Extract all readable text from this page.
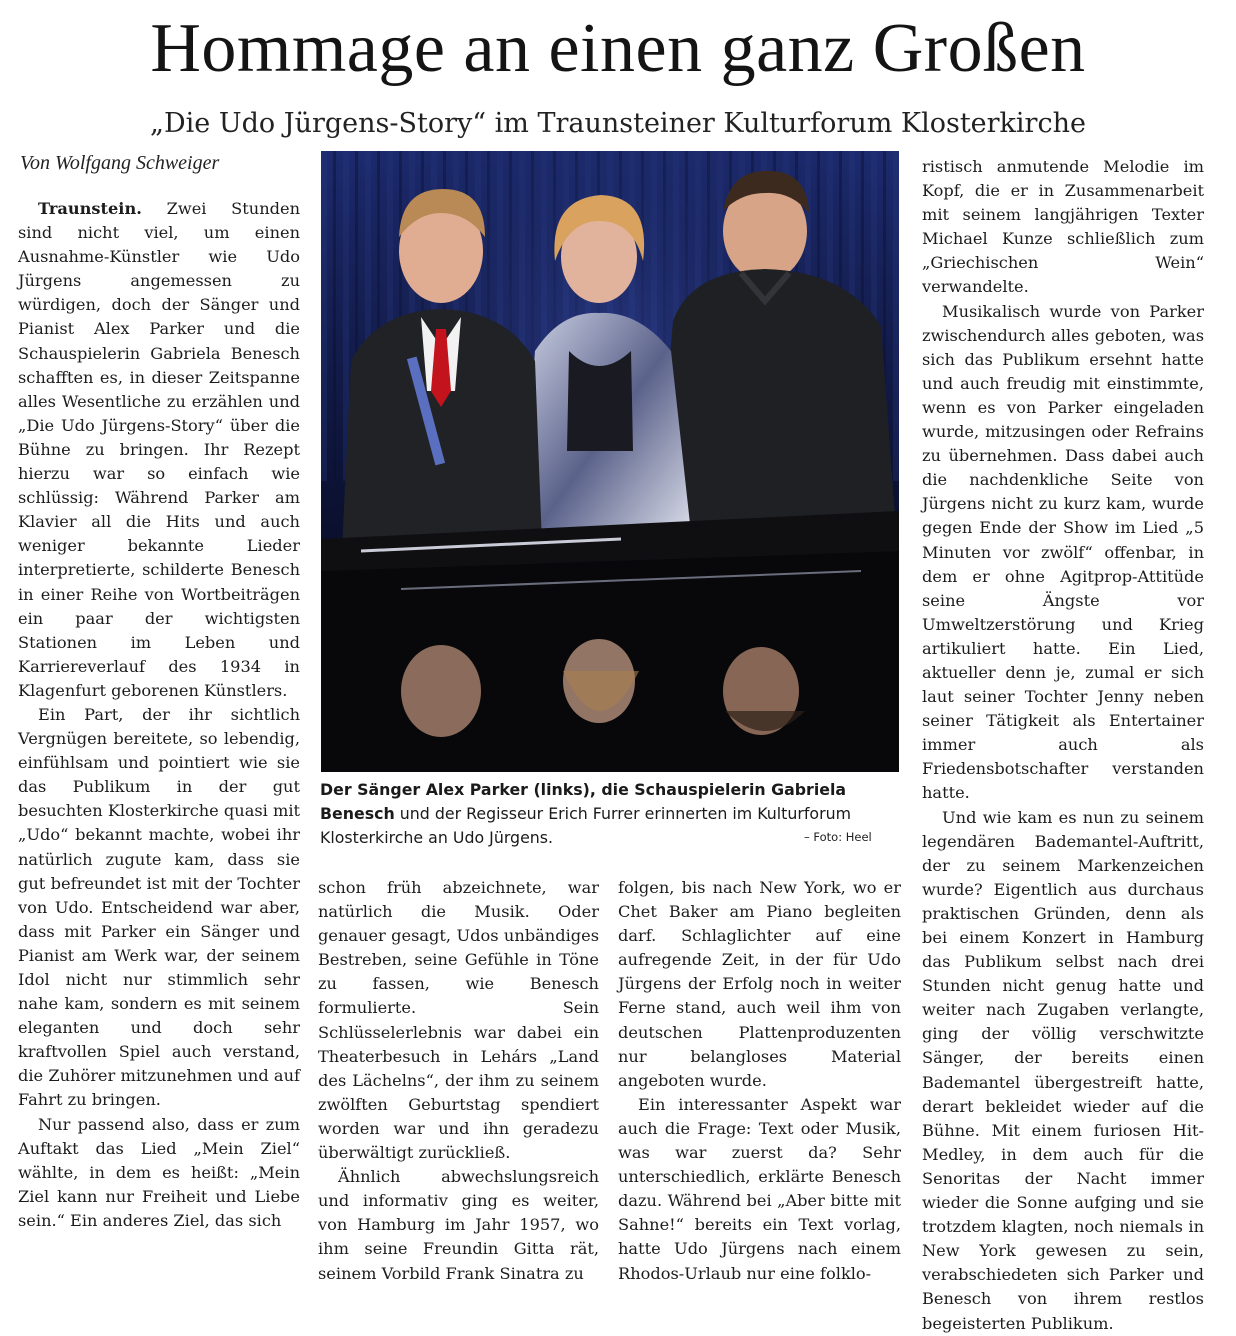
Hommage an einen ganz Großen
„Die Udo Jürgens-Story“ im Traunsteiner Kulturforum Klosterkirche
Von Wolfgang Schweiger

Traunstein. Zwei Stunden sind nicht viel, um einen Ausnahme-Künstler wie Udo Jürgens angemessen zu würdigen, doch der Sänger und Pianist Alex Parker und die Schauspielerin Gabriela Benesch schafften es, in dieser Zeitspanne alles Wesentliche zu erzählen und „Die Udo Jürgens-Story“ über die Bühne zu bringen. Ihr Rezept hierzu war so einfach wie schlüssig: Während Parker am Klavier all die Hits und auch weniger bekannte Lieder interpretierte, schilderte Benesch in einer Reihe von Wortbeiträgen ein paar der wichtigsten Stationen im Leben und Karriereverlauf des 1934 in Klagenfurt geborenen Künstlers.

Ein Part, der ihr sichtlich Vergnügen bereitete, so lebendig, einfühlsam und pointiert wie sie das Publikum in der gut besuchten Klosterkirche quasi mit „Udo“ bekannt machte, wobei ihr natürlich zugute kam, dass sie gut befreundet ist mit der Tochter von Udo. Entscheidend war aber, dass mit Parker ein Sänger und Pianist am Werk war, der seinem Idol nicht nur stimmlich sehr nahe kam, sondern es mit seinem eleganten und doch sehr kraftvollen Spiel auch verstand, die Zuhörer mitzunehmen und auf Fahrt zu bringen.

Nur passend also, dass er zum Auftakt das Lied „Mein Ziel“ wählte, in dem es heißt: „Mein Ziel kann nur Freiheit und Liebe sein.“ Ein anderes Ziel, das sich

Der Sänger Alex Parker (links), die Schauspielerin Gabriela Benesch und der Regisseur Erich Furrer erinnerten im Kulturforum Klosterkirche an Udo Jürgens.	– Foto: Heel

schon früh abzeichnete, war natürlich die Musik. Oder genauer gesagt, Udos unbändiges Bestreben, seine Gefühle in Töne zu fassen, wie Benesch formulierte. Sein Schlüsselerlebnis war dabei ein Theaterbesuch in Lehárs „Land des Lächelns“, der ihm zu seinem zwölften Geburtstag spendiert worden war und ihn geradezu überwältigt zurückließ.

Ähnlich abwechslungsreich und informativ ging es weiter, von Hamburg im Jahr 1957, wo ihm seine Freundin Gitta rät, seinem Vorbild Frank Sinatra zu

folgen, bis nach New York, wo er Chet Baker am Piano begleiten darf. Schlaglichter auf eine aufregende Zeit, in der für Udo Jürgens der Erfolg noch in weiter Ferne stand, auch weil ihm von deutschen Plattenproduzenten nur belangloses Material angeboten wurde.

Ein interessanter Aspekt war auch die Frage: Text oder Musik, was war zuerst da? Sehr unterschiedlich, erklärte Benesch dazu. Während bei „Aber bitte mit Sahne!“ bereits ein Text vorlag, hatte Udo Jürgens nach einem Rhodos-Urlaub nur eine folklo-

ristisch anmutende Melodie im Kopf, die er in Zusammenarbeit mit seinem langjährigen Texter Michael Kunze schließlich zum „Griechischen Wein“ verwandelte.

Musikalisch wurde von Parker zwischendurch alles geboten, was sich das Publikum ersehnt hatte und auch freudig mit einstimmte, wenn es von Parker eingeladen wurde, mitzusingen oder Refrains zu übernehmen. Dass dabei auch die nachdenkliche Seite von Jürgens nicht zu kurz kam, wurde gegen Ende der Show im Lied „5 Minuten vor zwölf“ offenbar, in dem er ohne Agitprop-Attitüde seine Ängste vor Umweltzerstörung und Krieg artikuliert hatte. Ein Lied, aktueller denn je, zumal er sich laut seiner Tochter Jenny neben seiner Tätigkeit als Entertainer immer auch als Friedensbotschafter verstanden hatte.

Und wie kam es nun zu seinem legendären Bademantel-Auftritt, der zu seinem Markenzeichen wurde? Eigentlich aus durchaus praktischen Gründen, denn als bei einem Konzert in Hamburg das Publikum selbst nach drei Stunden nicht genug hatte und weiter nach Zugaben verlangte, ging der völlig verschwitzte Sänger, der bereits einen Bademantel übergestreift hatte, derart bekleidet wieder auf die Bühne. Mit einem furiosen Hit-Medley, in dem auch für die Senoritas der Nacht immer wieder die Sonne aufging und sie trotzdem klagten, noch niemals in New York gewesen zu sein, verabschiedeten sich Parker und Benesch von ihrem restlos begeisterten Publikum.
